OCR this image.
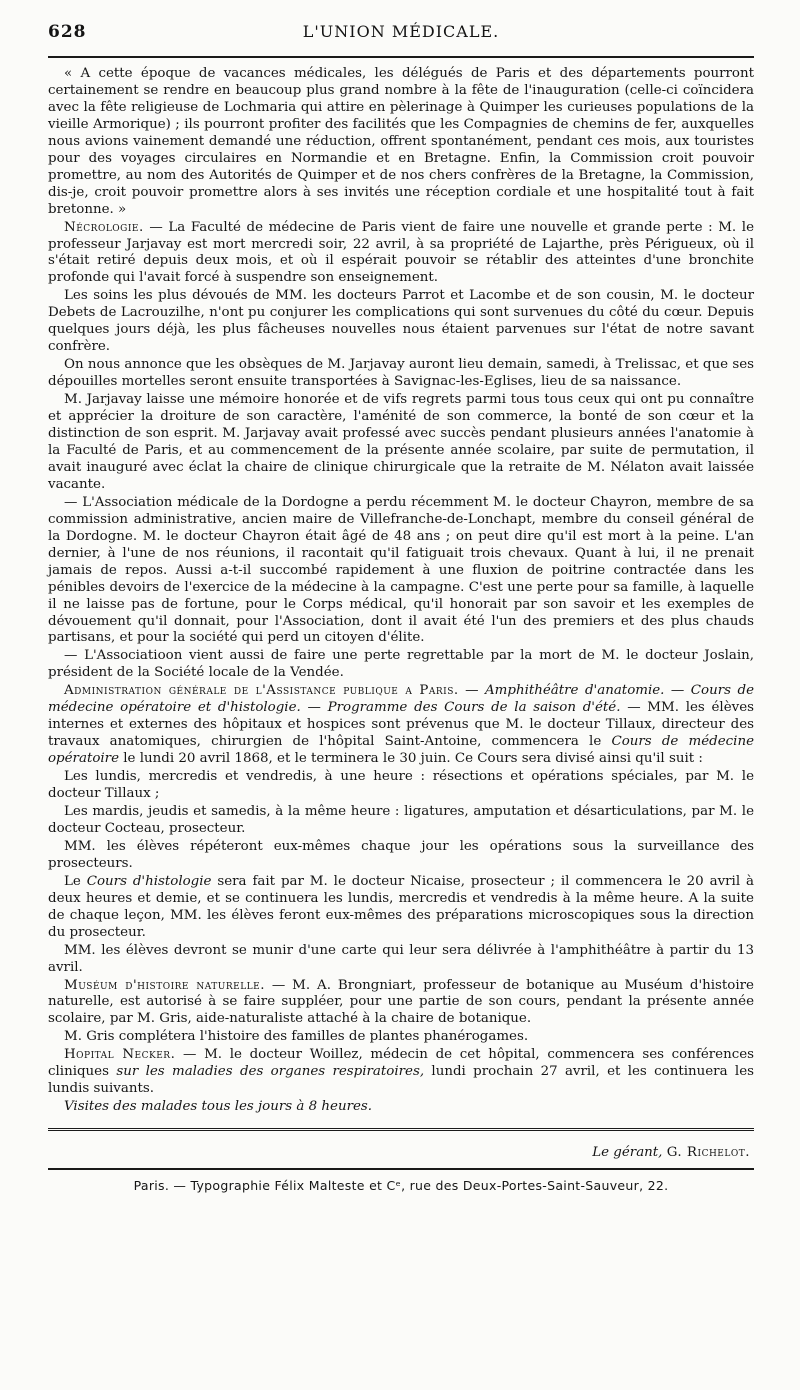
628	L'UNION MÉDICALE.

« A cette époque de vacances médicales, les délégués de Paris et des départements pourront certainement se rendre en beaucoup plus grand nombre à la fête de l'inauguration (celle-ci coïncidera avec la fête religieuse de Lochmaria qui attire en pèlerinage à Quimper les curieuses populations de la vieille Armorique) ; ils pourront profiter des facilités que les Compagnies de chemins de fer, auxquelles nous avions vainement demandé une réduction, offrent spontanément, pendant ces mois, aux touristes pour des voyages circulaires en Normandie et en Bretagne. Enfin, la Commission croit pouvoir promettre, au nom des Autorités de Quimper et de nos chers confrères de la Bretagne, la Commission, dis-je, croit pouvoir promettre alors à ses invités une réception cordiale et une hospitalité tout à fait bretonne. »

Nécrologie. — La Faculté de médecine de Paris vient de faire une nouvelle et grande perte : M. le professeur Jarjavay est mort mercredi soir, 22 avril, à sa propriété de Lajarthe, près Périgueux, où il s'était retiré depuis deux mois, et où il espérait pouvoir se rétablir des atteintes d'une bronchite profonde qui l'avait forcé à suspendre son enseignement.

Les soins les plus dévoués de MM. les docteurs Parrot et Lacombe et de son cousin, M. le docteur Debets de Lacrouzilhe, n'ont pu conjurer les complications qui sont survenues du côté du cœur. Depuis quelques jours déjà, les plus fâcheuses nouvelles nous étaient parvenues sur l'état de notre savant confrère.

On nous annonce que les obsèques de M. Jarjavay auront lieu demain, samedi, à Trelissac, et que ses dépouilles mortelles seront ensuite transportées à Savignac-les-Eglises, lieu de sa naissance.

M. Jarjavay laisse une mémoire honorée et de vifs regrets parmi tous tous ceux qui ont pu connaître et apprécier la droiture de son caractère, l'aménité de son commerce, la bonté de son cœur et la distinction de son esprit. M. Jarjavay avait professé avec succès pendant plusieurs années l'anatomie à la Faculté de Paris, et au commencement de la présente année scolaire, par suite de permutation, il avait inauguré avec éclat la chaire de clinique chirurgicale que la retraite de M. Nélaton avait laissée vacante.

— L'Association médicale de la Dordogne a perdu récemment M. le docteur Chayron, membre de sa commission administrative, ancien maire de Villefranche-de-Lonchapt, membre du conseil général de la Dordogne. M. le docteur Chayron était âgé de 48 ans ; on peut dire qu'il est mort à la peine. L'an dernier, à l'une de nos réunions, il racontait qu'il fatiguait trois chevaux. Quant à lui, il ne prenait jamais de repos. Aussi a-t-il succombé rapidement à une fluxion de poitrine contractée dans les pénibles devoirs de l'exercice de la médecine à la campagne. C'est une perte pour sa famille, à laquelle il ne laisse pas de fortune, pour le Corps médical, qu'il honorait par son savoir et les exemples de dévouement qu'il donnait, pour l'Association, dont il avait été l'un des premiers et des plus chauds partisans, et pour la société qui perd un citoyen d'élite.

— L'Associatioon vient aussi de faire une perte regrettable par la mort de M. le docteur Joslain, président de la Société locale de la Vendée.

Administration générale de l'Assistance publique a Paris. — Amphithéâtre d'anatomie. — Cours de médecine opératoire et d'histologie. — Programme des Cours de la saison d'été. — MM. les élèves internes et externes des hôpitaux et hospices sont prévenus que M. le docteur Tillaux, directeur des travaux anatomiques, chirurgien de l'hôpital Saint-Antoine, commencera le Cours de médecine opératoire le lundi 20 avril 1868, et le terminera le 30 juin. Ce Cours sera divisé ainsi qu'il suit :

Les lundis, mercredis et vendredis, à une heure : résections et opérations spéciales, par M. le docteur Tillaux ;

Les mardis, jeudis et samedis, à la même heure : ligatures, amputation et désarticulations, par M. le docteur Cocteau, prosecteur.

MM. les élèves répéteront eux-mêmes chaque jour les opérations sous la surveillance des prosecteurs.

Le Cours d'histologie sera fait par M. le docteur Nicaise, prosecteur ; il commencera le 20 avril à deux heures et demie, et se continuera les lundis, mercredis et vendredis à la même heure. A la suite de chaque leçon, MM. les élèves feront eux-mêmes des préparations microscopiques sous la direction du prosecteur.

MM. les élèves devront se munir d'une carte qui leur sera délivrée à l'amphithéâtre à partir du 13 avril.

Muséum d'histoire naturelle. — M. A. Brongniart, professeur de botanique au Muséum d'histoire naturelle, est autorisé à se faire suppléer, pour une partie de son cours, pendant la présente année scolaire, par M. Gris, aide-naturaliste attaché à la chaire de botanique.

M. Gris complétera l'histoire des familles de plantes phanérogames.

Hopital Necker. — M. le docteur Woillez, médecin de cet hôpital, commencera ses conférences cliniques sur les maladies des organes respiratoires, lundi prochain 27 avril, et les continuera les lundis suivants.

Visites des malades tous les jours à 8 heures.

Le gérant, G. Richelot.
Paris. — Typographie Félix Malteste et Cᵉ, rue des Deux-Portes-Saint-Sauveur, 22.
